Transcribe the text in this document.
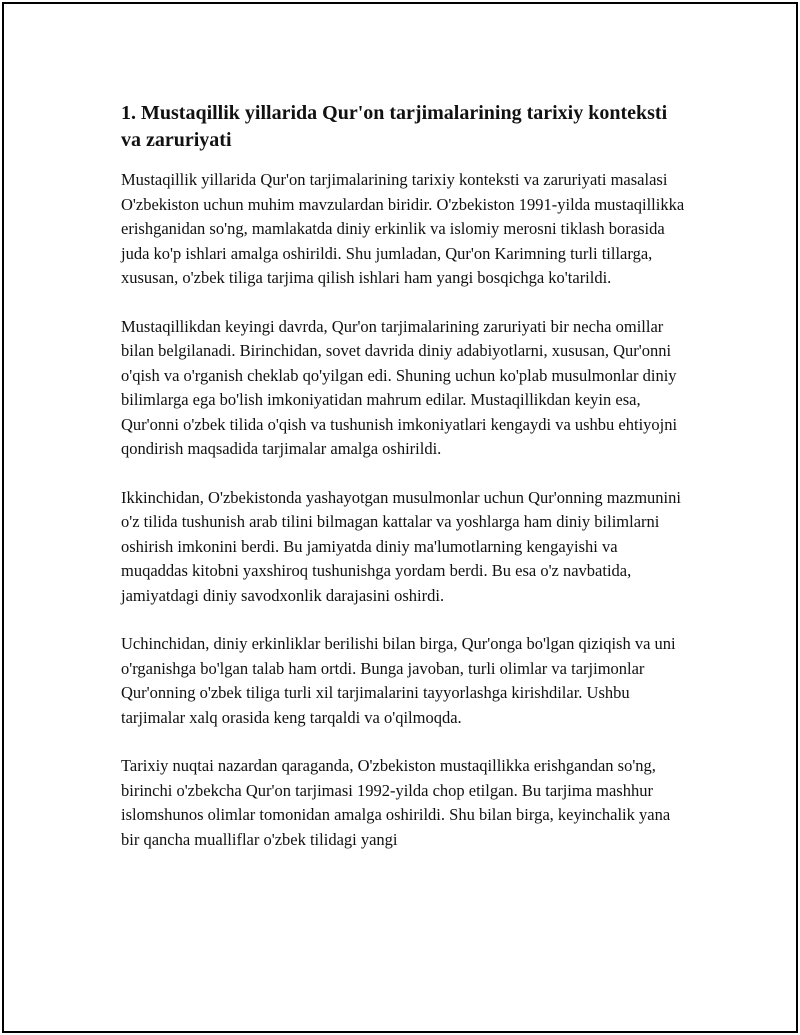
1. Mustaqillik yillarida Qur'on tarjimalarining tarixiy konteksti va zaruriyati

Mustaqillik yillarida Qur'on tarjimalarining tarixiy konteksti va zaruriyati masalasi O'zbekiston uchun muhim mavzulardan biridir. O'zbekiston 1991-yilda mustaqillikka erishganidan so'ng, mamlakatda diniy erkinlik va islomiy merosni tiklash borasida juda ko'p ishlari amalga oshirildi. Shu jumladan, Qur'on Karimning turli tillarga, xususan, o'zbek tiliga tarjima qilish ishlari ham yangi bosqichga ko'tarildi.

Mustaqillikdan keyingi davrda, Qur'on tarjimalarining zaruriyati bir necha omillar bilan belgilanadi. Birinchidan, sovet davrida diniy adabiyotlarni, xususan, Qur'onni o'qish va o'rganish cheklab qo'yilgan edi. Shuning uchun ko'plab musulmonlar diniy bilimlarga ega bo'lish imkoniyatidan mahrum edilar. Mustaqillikdan keyin esa, Qur'onni o'zbek tilida o'qish va tushunish imkoniyatlari kengaydi va ushbu ehtiyojni qondirish maqsadida tarjimalar amalga oshirildi.

Ikkinchidan, O'zbekistonda yashayotgan musulmonlar uchun Qur'onning mazmunini o'z tilida tushunish arab tilini bilmagan kattalar va yoshlarga ham diniy bilimlarni oshirish imkonini berdi. Bu jamiyatda diniy ma'lumotlarning kengayishi va muqaddas kitobni yaxshiroq tushunishga yordam berdi. Bu esa o'z navbatida, jamiyatdagi diniy savodxonlik darajasini oshirdi.

Uchinchidan, diniy erkinliklar berilishi bilan birga, Qur'onga bo'lgan qiziqish va uni o'rganishga bo'lgan talab ham ortdi. Bunga javoban, turli olimlar va tarjimonlar Qur'onning o'zbek tiliga turli xil tarjimalarini tayyorlashga kirishdilar. Ushbu tarjimalar xalq orasida keng tarqaldi va o'qilmoqda.

Tarixiy nuqtai nazardan qaraganda, O'zbekiston mustaqillikka erishgandan so'ng, birinchi o'zbekcha Qur'on tarjimasi 1992-yilda chop etilgan. Bu tarjima mashhur islomshunos olimlar tomonidan amalga oshirildi. Shu bilan birga, keyinchalik yana bir qancha mualliflar o'zbek tilidagi yangi
